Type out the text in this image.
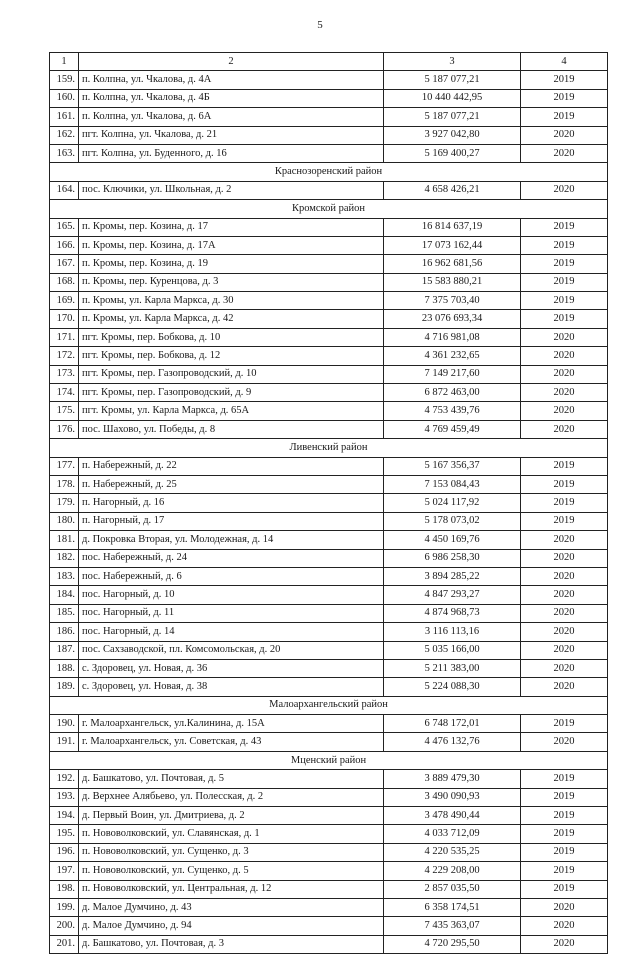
5
1	2	3	4
159.	п. Колпна, ул. Чкалова, д. 4А	5 187 077,21	2019
160.	п. Колпна, ул. Чкалова, д. 4Б	10 440 442,95	2019
161.	п. Колпна, ул. Чкалова, д. 6А	5 187 077,21	2019
162.	пгт. Колпна, ул. Чкалова, д. 21	3 927 042,80	2020
163.	пгт. Колпна, ул. Буденного, д. 16	5 169 400,27	2020
Краснозоренский район			
164.	пос. Ключики, ул. Школьная, д. 2	4 658 426,21	2020
Кромской район			
165.	п. Кромы, пер. Козина, д. 17	16 814 637,19	2019
166.	п. Кромы, пер. Козина, д. 17А	17 073 162,44	2019
167.	п. Кромы, пер. Козина, д. 19	16 962 681,56	2019
168.	п. Кромы, пер. Куренцова, д. 3	15 583 880,21	2019
169.	п. Кромы, ул. Карла Маркса, д. 30	7 375 703,40	2019
170.	п. Кромы, ул. Карла Маркса, д. 42	23 076 693,34	2019
171.	пгт. Кромы, пер. Бобкова, д. 10	4 716 981,08	2020
172.	пгт. Кромы, пер. Бобкова, д. 12	4 361 232,65	2020
173.	пгт. Кромы, пер. Газопроводский, д. 10	7 149 217,60	2020
174.	пгт. Кромы, пер. Газопроводский, д. 9	6 872 463,00	2020
175.	пгт. Кромы, ул. Карла Маркса, д. 65А	4 753 439,76	2020
176.	пос. Шахово, ул. Победы, д. 8	4 769 459,49	2020
Ливенский район			
177.	п. Набережный, д. 22	5 167 356,37	2019
178.	п. Набережный, д. 25	7 153 084,43	2019
179.	п. Нагорный, д. 16	5 024 117,92	2019
180.	п. Нагорный, д. 17	5 178 073,02	2019
181.	д. Покровка Вторая, ул. Молодежная, д. 14	4 450 169,76	2020
182.	пос. Набережный, д. 24	6 986 258,30	2020
183.	пос. Набережный, д. 6	3 894 285,22	2020
184.	пос. Нагорный, д. 10	4 847 293,27	2020
185.	пос. Нагорный, д. 11	4 874 968,73	2020
186.	пос. Нагорный, д. 14	3 116 113,16	2020
187.	пос. Сахзаводской, пл. Комсомольская, д. 20	5 035 166,00	2020
188.	с. Здоровец, ул. Новая, д. 36	5 211 383,00	2020
189.	с. Здоровец, ул. Новая, д. 38	5 224 088,30	2020
Малоархангельский район			
190.	г. Малоархангельск, ул.Калинина, д. 15А	6 748 172,01	2019
191.	г. Малоархангельск, ул. Советская, д. 43	4 476 132,76	2020
Мценский район			
192.	д. Башкатово, ул. Почтовая, д. 5	3 889 479,30	2019
193.	д. Верхнее Алябьево, ул. Полесская, д. 2	3 490 090,93	2019
194.	д. Первый Воин, ул. Дмитриева, д. 2	3 478 490,44	2019
195.	п. Нововолковский, ул. Славянская, д. 1	4 033 712,09	2019
196.	п. Нововолковский, ул. Сущенко, д. 3	4 220 535,25	2019
197.	п. Нововолковский, ул. Сущенко, д. 5	4 229 208,00	2019
198.	п. Нововолковский, ул. Центральная, д. 12	2 857 035,50	2019
199.	д. Малое Думчино, д. 43	6 358 174,51	2020
200.	д. Малое Думчино, д. 94	7 435 363,07	2020
201.	д. Башкатово, ул. Почтовая, д. 3	4 720 295,50	2020
